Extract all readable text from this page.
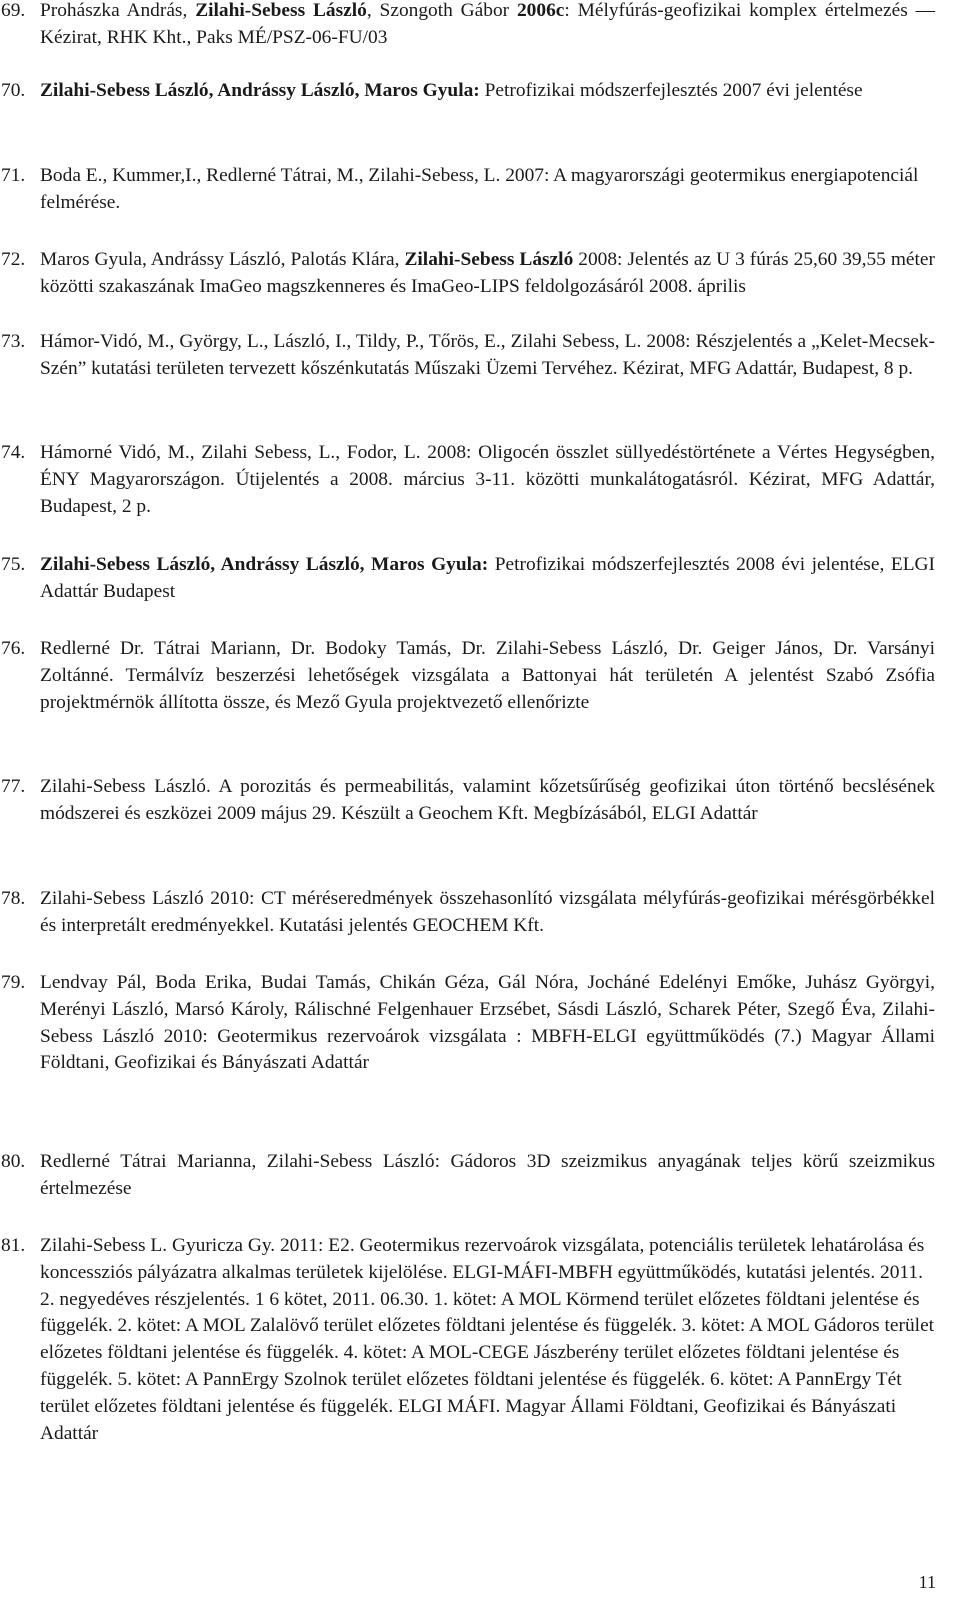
69. Prohászka András, Zilahi-Sebess László, Szongoth Gábor 2006c: Mélyfúrás-geofizikai komplex értelmezés — Kézirat, RHK Kht., Paks MÉ/PSZ-06-FU/03
70. Zilahi-Sebess László, Andrássy László, Maros Gyula: Petrofizikai módszerfejlesztés 2007 évi jelentése
71. Boda E., Kummer,I., Redlerné Tátrai, M., Zilahi-Sebess, L. 2007: A magyarországi geotermikus energiapotenciál felmérése.
72. Maros Gyula, Andrássy László, Palotás Klára, Zilahi-Sebess László 2008: Jelentés az U 3 fúrás 25,60 39,55 méter közötti szakaszának ImaGeo magszkenneres és ImaGeo-LIPS feldolgozásáról 2008. április
73. Hámor-Vidó, M., György, L., László, I., Tildy, P., Tőrös, E., Zilahi Sebess, L. 2008: Részjelentés a „Kelet-Mecsek-Szén” kutatási területen tervezett kőszénkutatás Műszaki Üzemi Tervéhez. Kézirat, MFG Adattár, Budapest, 8 p.
74. Hámorné Vidó, M., Zilahi Sebess, L., Fodor, L. 2008: Oligocén összlet süllyedéstörténete a Vértes Hegységben, ÉNY Magyarországon. Útijelentés a 2008. március 3-11. közötti munkalátogatásról. Kézirat, MFG Adattár, Budapest, 2 p.
75. Zilahi-Sebess László, Andrássy László, Maros Gyula: Petrofizikai módszerfejlesztés 2008 évi jelentése, ELGI Adattár Budapest
76. Redlerné Dr. Tátrai Mariann, Dr. Bodoky Tamás, Dr. Zilahi-Sebess László, Dr. Geiger János, Dr. Varsányi Zoltánné. Termálvíz beszerzési lehetőségek vizsgálata a Battonyai hát területén A jelentést Szabó Zsófia projektmérnök állította össze, és Mező Gyula projektvezető ellenőrizte
77. Zilahi-Sebess László. A porozitás és permeabilitás, valamint kőzetsűrűség geofizikai úton történő becslésének módszerei és eszközei 2009 május 29. Készült a Geochem Kft. Megbízásából, ELGI Adattár
78. Zilahi-Sebess László 2010: CT méréseredmények összehasonlító vizsgálata mélyfúrás-geofizikai mérésgörbékkel és interpretált eredményekkel. Kutatási jelentés GEOCHEM Kft.
79. Lendvay Pál, Boda Erika, Budai Tamás, Chikán Géza, Gál Nóra, Jocháné Edelényi Emőke, Juhász Györgyi, Merényi László, Marsó Károly, Rálischné Felgenhauer Erzsébet, Sásdi László, Scharek Péter, Szegő Éva, Zilahi-Sebess László 2010: Geotermikus rezervoárok vizsgálata : MBFH-ELGI együttműködés (7.) Magyar Állami Földtani, Geofizikai és Bányászati Adattár
80. Redlerné Tátrai Marianna, Zilahi-Sebess László: Gádoros 3D szeizmikus anyagának teljes körű szeizmikus értelmezése
81. Zilahi-Sebess L. Gyuricza Gy. 2011: E2. Geotermikus rezervoárok vizsgálata, potenciális területek lehatárolása és koncessziós pályázatra alkalmas területek kijelölése. ELGI-MÁFI-MBFH együttműködés, kutatási jelentés. 2011. 2. negyedéves részjelentés. 1 6 kötet, 2011. 06.30. 1. kötet: A MOL Körmend terület előzetes földtani jelentése és függelék. 2. kötet: A MOL Zalalövő terület előzetes földtani jelentése és függelék. 3. kötet: A MOL Gádoros terület előzetes földtani jelentése és függelék. 4. kötet: A MOL-CEGE Jászberény terület előzetes földtani jelentése és függelék. 5. kötet: A PannErgy Szolnok terület előzetes földtani jelentése és függelék. 6. kötet: A PannErgy Tét terület előzetes földtani jelentése és függelék. ELGI MÁFI. Magyar Állami Földtani, Geofizikai és Bányászati Adattár
11
